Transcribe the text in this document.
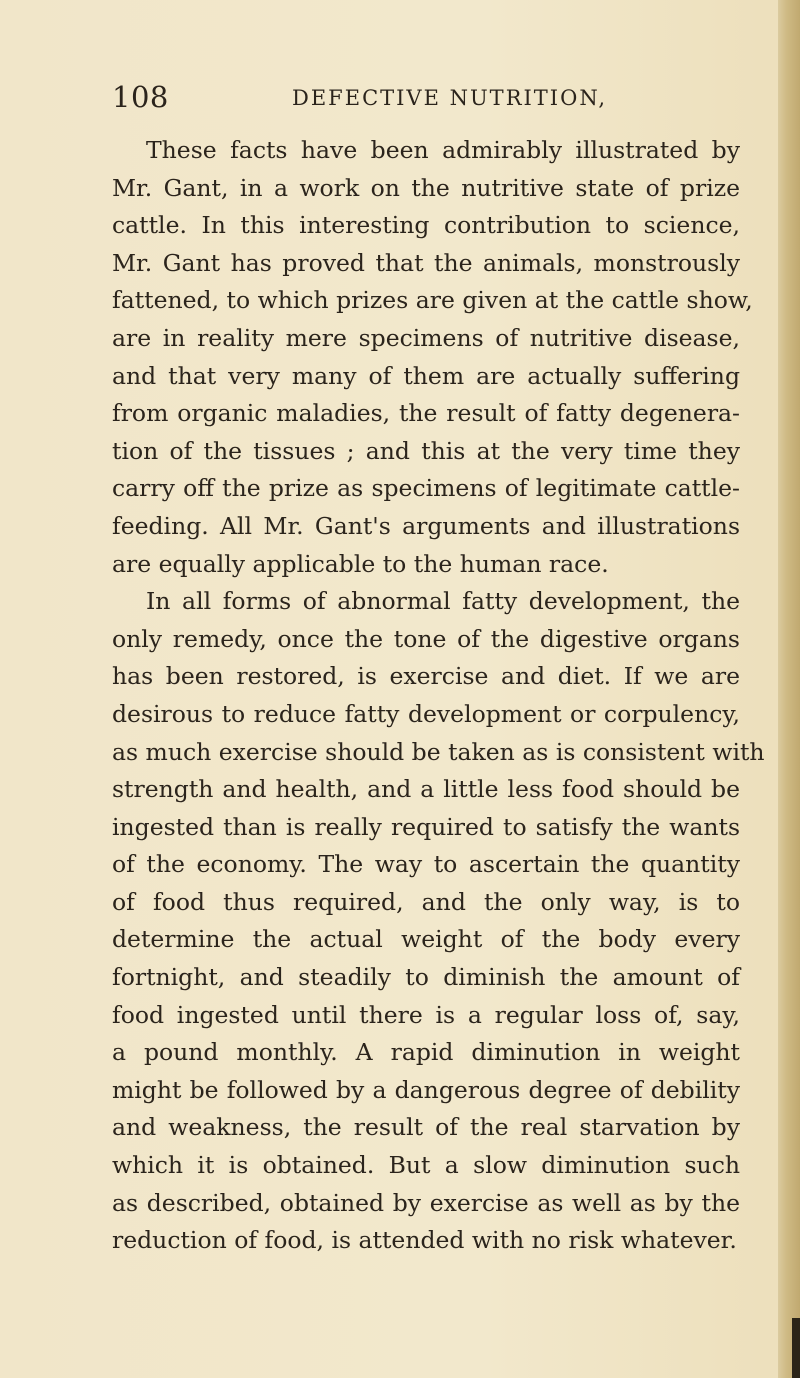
108	DEFECTIVE NUTRITION,
These facts have been admirably illustrated by
Mr. Gant, in a work on the nutritive state of prize
cattle. In this interesting contribution to science,
Mr. Gant has proved that the animals, monstrously
fattened, to which prizes are given at the cattle show,
are in reality mere specimens of nutritive disease,
and that very many of them are actually suffering
from organic maladies, the result of fatty degenera-
tion of the tissues ; and this at the very time they
carry off the prize as specimens of legitimate cattle-
feeding. All Mr. Gant's arguments and illustrations
are equally applicable to the human race.
In all forms of abnormal fatty development, the
only remedy, once the tone of the digestive organs
has been restored, is exercise and diet. If we are
desirous to reduce fatty development or corpulency,
as much exercise should be taken as is consistent with
strength and health, and a little less food should be
ingested than is really required to satisfy the wants
of the economy. The way to ascertain the quantity
of food thus required, and the only way, is to
determine the actual weight of the body every
fortnight, and steadily to diminish the amount of
food ingested until there is a regular loss of, say,
a pound monthly. A rapid diminution in weight
might be followed by a dangerous degree of debility
and weakness, the result of the real starvation by
which it is obtained. But a slow diminution such
as described, obtained by exercise as well as by the
reduction of food, is attended with no risk whatever.
